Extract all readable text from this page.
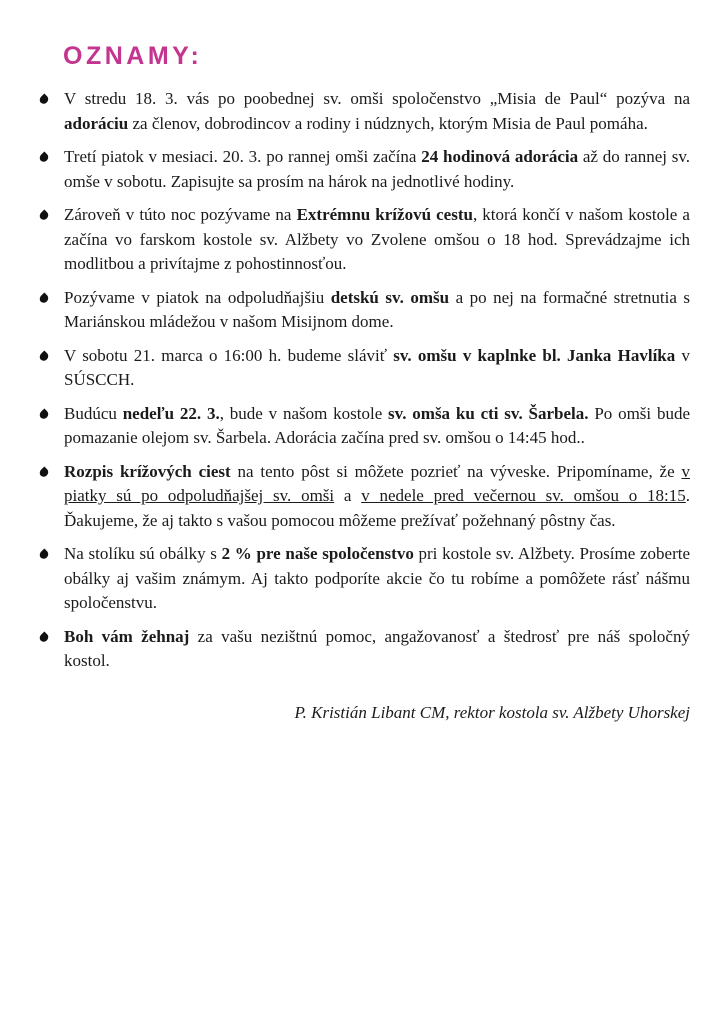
OZNAMY:
V stredu 18. 3. vás po poobednej sv. omši spoločenstvo „Misia de Paul“ pozýva na adoráciu za členov, dobrodincov a rodiny i núdznych, ktorým Misia de Paul pomáha.
Tretí piatok v mesiaci. 20. 3. po rannej omši začína 24 hodinová adorácia až do rannej sv. omše v sobotu. Zapisujte sa prosím na hárok na jednotlivé hodiny.
Zároveň v túto noc pozývame na Extrémnu krížovú cestu, ktorá končí v našom kostole a začína vo farskom kostole sv. Alžbety vo Zvolene omšou o 18 hod. Sprevádzajme ich modlitbou a privítajme z pohostinnosťou.
Pozývame v piatok na odpoludňajšiu detskú sv. omšu a po nej na formačné stretnutia s Mariánskou mládežou v našom Misijnom dome.
V sobotu 21. marca o 16:00 h. budeme sláviť sv. omšu v kaplnke bl. Janka Havlíka v SÚSCCH.
Budúcu nedeľu 22. 3., bude v našom kostole sv. omša ku cti sv. Šarbela. Po omši bude pomazanie olejom sv. Šarbela. Adorácia začína pred sv. omšou o 14:45 hod..
Rozpis krížových ciest na tento pôst si môžete pozrieť na výveske. Pripomíname, že v piatky sú po odpoludňajšej sv. omši a v nedele pred večernou sv. omšou o 18:15. Ďakujeme, že aj takto s vašou pomocou môžeme prežívať požehnaný pôstny čas.
Na stolíku sú obálky s 2 % pre naše spoločenstvo pri kostole sv. Alžbety. Prosíme zoberte obálky aj vašim známym. Aj takto podporíte akcie čo tu robíme a pomôžete rásť nášmu spoločenstvu.
Boh vám žehnaj za vašu nezištnú pomoc, angažovanosť a štedrosť pre náš spoločný kostol.
P. Kristián Libant CM, rektor kostola sv. Alžbety Uhorskej
